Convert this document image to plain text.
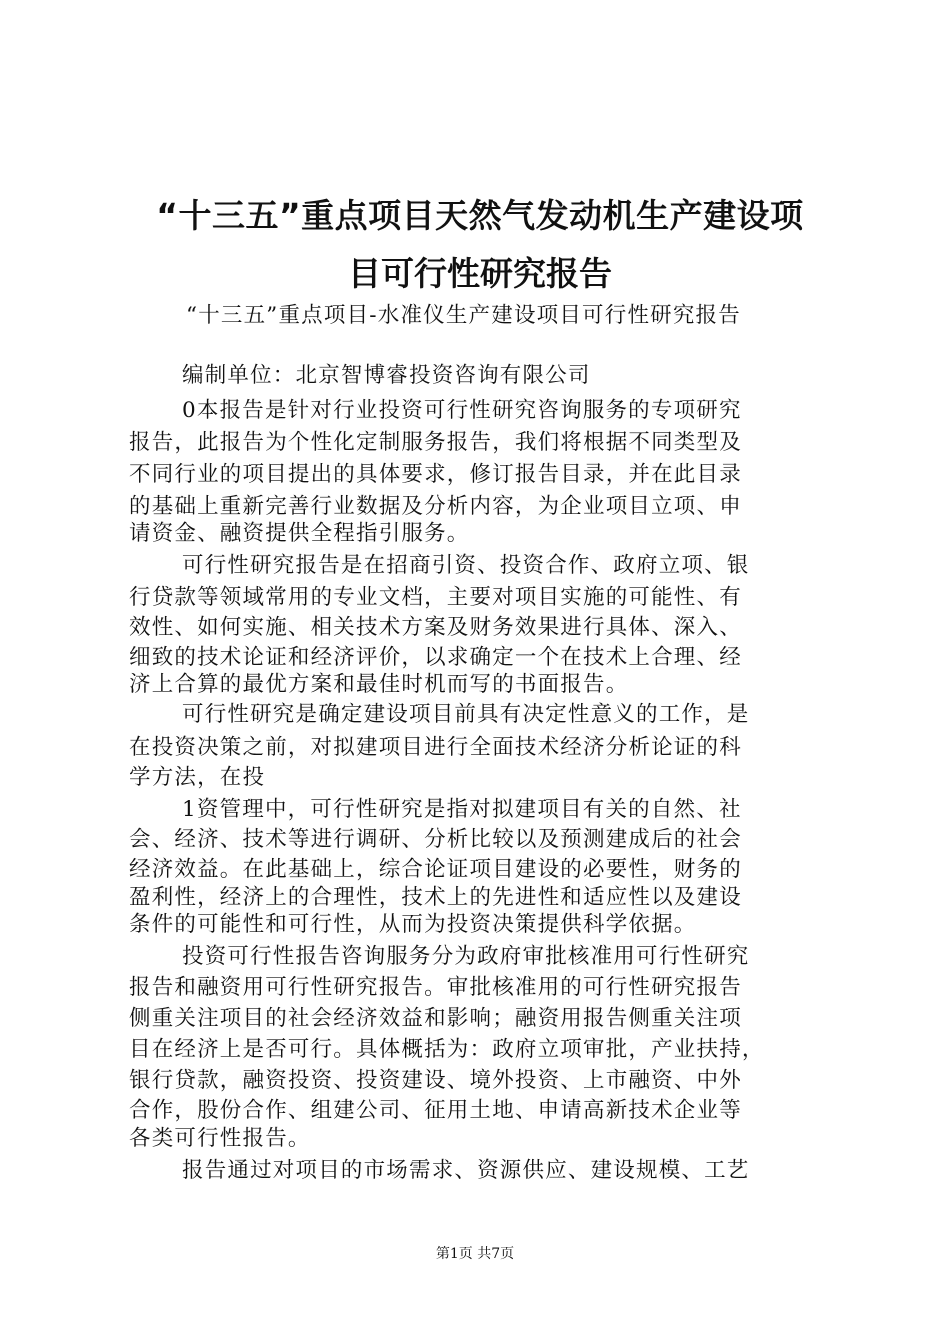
“十三五”重点项目天然气发动机生产建设项
目可行性研究报告
“十三五”重点项目-水准仪生产建设项目可行性研究报告
编制单位：北京智博睿投资咨询有限公司
0本报告是针对行业投资可行性研究咨询服务的专项研究
报告，此报告为个性化定制服务报告，我们将根据不同类型及
不同行业的项目提出的具体要求，修订报告目录，并在此目录
的基础上重新完善行业数据及分析内容，为企业项目立项、申
请资金、融资提供全程指引服务。
可行性研究报告是在招商引资、投资合作、政府立项、银
行贷款等领域常用的专业文档，主要对项目实施的可能性、有
效性、如何实施、相关技术方案及财务效果进行具体、深入、
细致的技术论证和经济评价，以求确定一个在技术上合理、经
济上合算的最优方案和最佳时机而写的书面报告。
可行性研究是确定建设项目前具有决定性意义的工作，是
在投资决策之前，对拟建项目进行全面技术经济分析论证的科
学方法，在投
1资管理中，可行性研究是指对拟建项目有关的自然、社
会、经济、技术等进行调研、分析比较以及预测建成后的社会
经济效益。在此基础上，综合论证项目建设的必要性，财务的
盈利性，经济上的合理性，技术上的先进性和适应性以及建设
条件的可能性和可行性，从而为投资决策提供科学依据。
投资可行性报告咨询服务分为政府审批核准用可行性研究
报告和融资用可行性研究报告。审批核准用的可行性研究报告
侧重关注项目的社会经济效益和影响；融资用报告侧重关注项
目在经济上是否可行。具体概括为：政府立项审批，产业扶持，
银行贷款，融资投资、投资建设、境外投资、上市融资、中外
合作，股份合作、组建公司、征用土地、申请高新技术企业等
各类可行性报告。
报告通过对项目的市场需求、资源供应、建设规模、工艺
第1页 共7页
